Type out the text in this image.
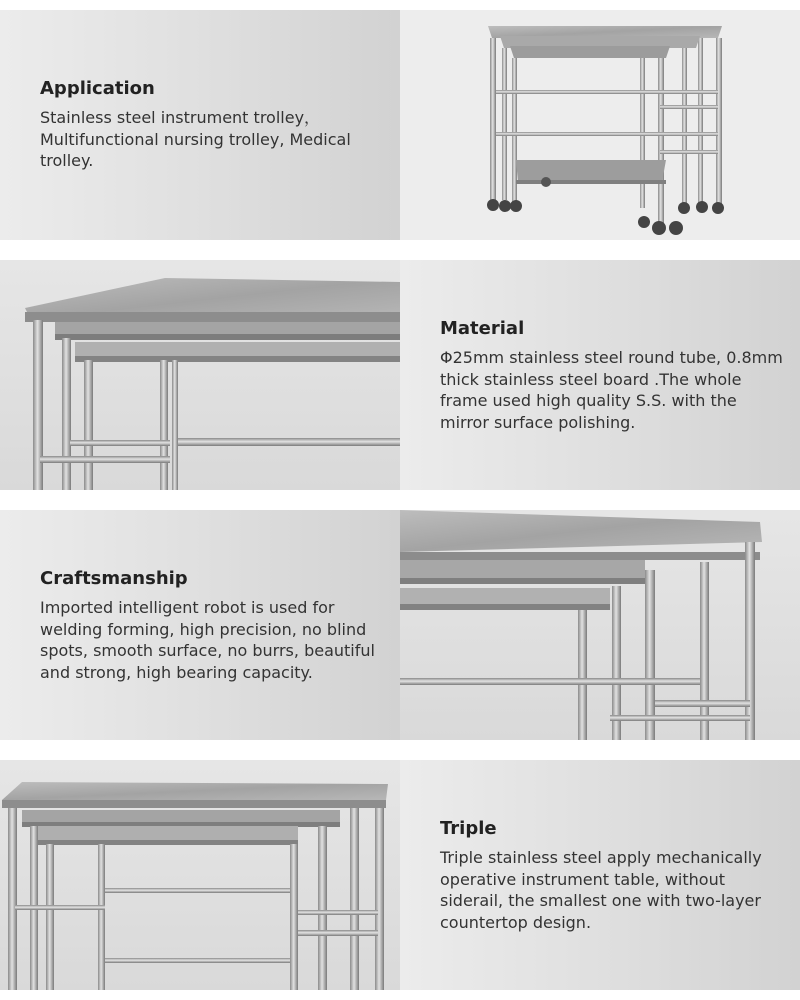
Application
Stainless steel instrument trolley，Multifunctional nursing trolley, Medical trolley.
Material
Φ25mm stainless steel round tube, 0.8mm thick stainless steel board .The whole frame used high quality S.S. with the mirror surface polishing.
Craftsmanship
Imported intelligent robot is used for welding forming, high precision, no blind spots, smooth surface, no burrs, beautiful and strong, high bearing capacity.
Triple
Triple stainless steel apply mechanically operative instrument table, without siderail, the smallest one with two-layer countertop design.
